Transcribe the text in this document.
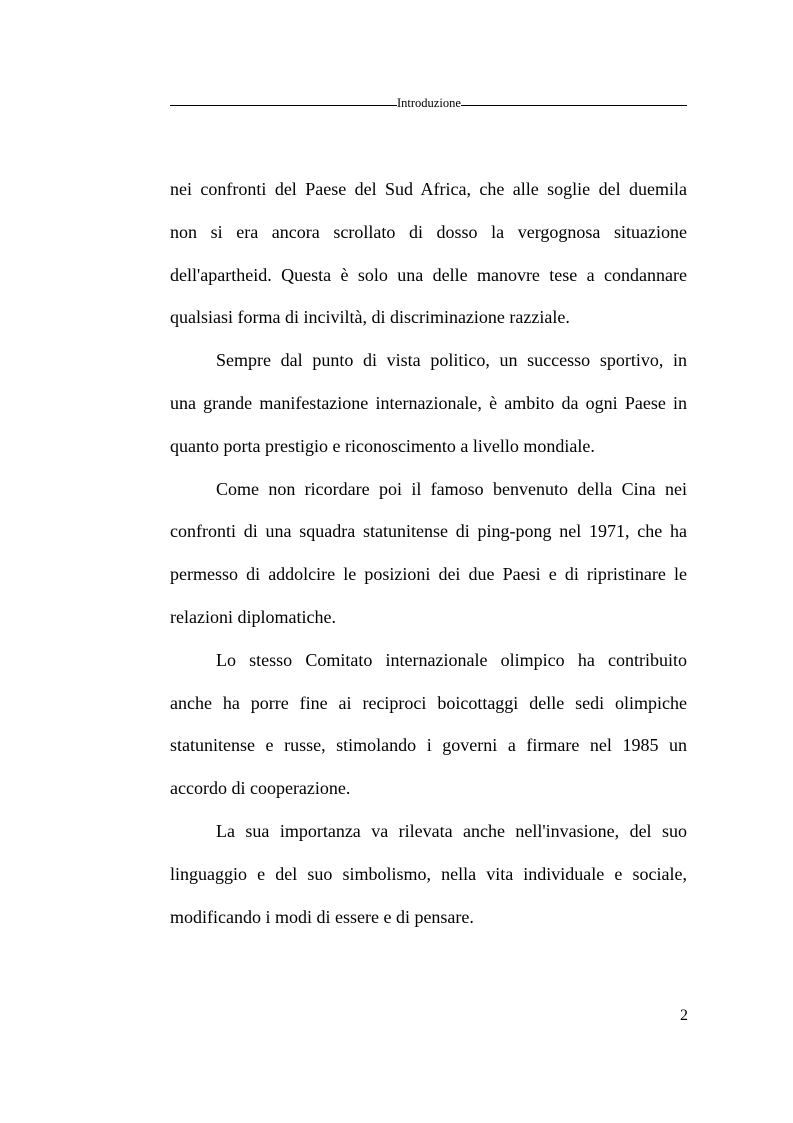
Introduzione

nei confronti del Paese del Sud Africa, che alle soglie del duemila
non si era ancora scrollato di dosso la vergognosa situazione
dell'apartheid. Questa è solo una delle manovre tese a condannare
qualsiasi forma di inciviltà, di discriminazione razziale.

Sempre dal punto di vista politico, un successo sportivo, in
una grande manifestazione internazionale, è ambito da ogni Paese in
quanto porta prestigio e riconoscimento a livello mondiale.

Come non ricordare poi il famoso benvenuto della Cina nei
confronti di una squadra statunitense di ping-pong nel 1971, che ha
permesso di addolcire le posizioni dei due Paesi e di ripristinare le
relazioni diplomatiche.

Lo stesso Comitato internazionale olimpico ha contribuito
anche ha porre fine ai reciproci boicottaggi delle sedi olimpiche
statunitense e russe, stimolando i governi a firmare nel 1985 un
accordo di cooperazione.

La sua importanza va rilevata anche nell'invasione, del suo
linguaggio e del suo simbolismo, nella vita individuale e sociale,
modificando i modi di essere e di pensare.

2
